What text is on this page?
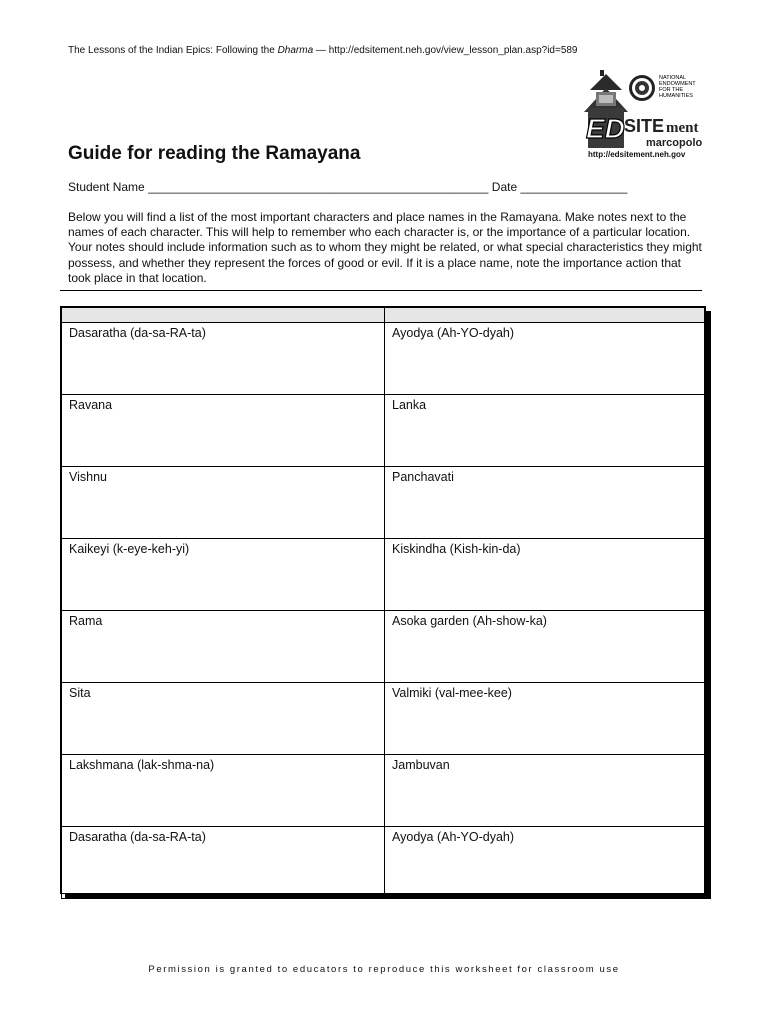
The Lessons of the Indian Epics: Following the Dharma — http://edsitement.neh.gov/view_lesson_plan.asp?id=589
NATIONAL
ENDOWMENT
FOR THE
HUMANITIES
ED SITE ment
marcopolo
http://edsitement.neh.gov
Guide for reading the Ramayana
Student Name ___________________________________________________ Date ________________

Below you will find a list of the most important characters and place names in the Ramayana. Make notes next to the names of each character. This will help to remember who each character is, or the importance of a particular location. Your notes should include information such as to whom they might be related, or what special characteristics they might possess, and whether they represent the forces of good or evil. If it is a place name, note the importance action that took place in that location.

Dasaratha (da-sa-RA-ta)	Ayodya (Ah-YO-dyah)
Ravana	Lanka
Vishnu	Panchavati
Kaikeyi (k-eye-keh-yi)	Kiskindha (Kish-kin-da)
Rama	Asoka garden (Ah-show-ka)
Sita	Valmiki (val-mee-kee)
Lakshmana (lak-shma-na)	Jambuvan
Dasaratha (da-sa-RA-ta)	Ayodya (Ah-YO-dyah)
Permission is granted to educators to reproduce this worksheet for classroom use
